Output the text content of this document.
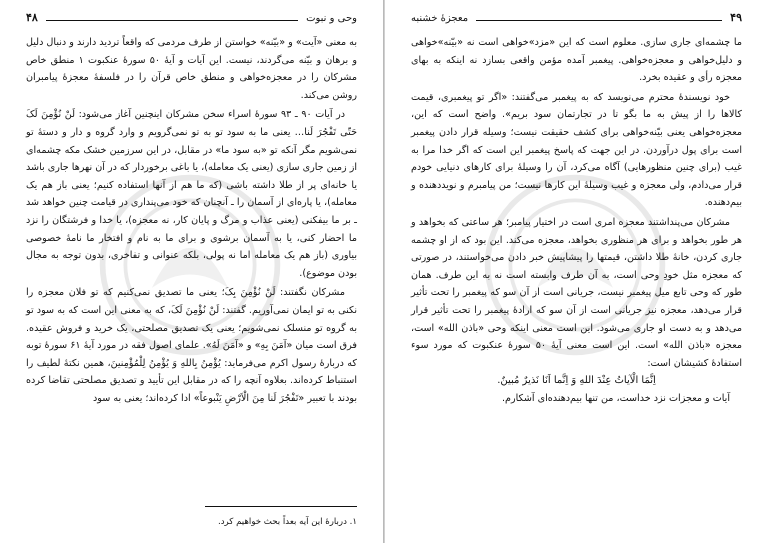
۴۸	وحی و نبوت

به معنی «آیت» و «بیّنه» خواستن از طرف مردمی که واقعاً تردید دارند و دنبال دلیل و برهان و بیّنه می‌گردند، نیست. این آیات و آیهٔ ۵۰ سورهٔ عنکبوت ۱ منطق خاص مشرکان را در معجزه‌خواهی و منطق خاص قرآن را در فلسفهٔ معجزهٔ پیامبران روشن می‌کند.

در آیات ۹۰ ـ ۹۳ سورهٔ اسراء سخن مشرکان اینچنین آغاز می‌شود: لَنْ نُؤْمِنَ لَکَ حَتّی تَفْجُرَ لَنا… یعنی ما به سود تو به تو نمی‌گرویم و وارد گروه و دار و دستهٔ تو نمی‌شویم مگر آنکه تو «به سود ما» در مقابل، در این سرزمین خشک مکه چشمه‌ای از زمین جاری سازی (یعنی یک معامله)، یا باغی برخوردار که در آن نهرها جاری باشد یا خانه‌ای پر از طلا داشته باشی (که ما هم از آنها استفاده کنیم؛ یعنی باز هم یک معامله)، یا پاره‌ای از آسمان را ـ آنچنان که خود می‌پنداری در قیامت چنین خواهد شد ـ بر ما بیفکنی (یعنی عذاب و مرگ و پایان کار، نه معجزه)، یا خدا و فرشتگان را نزد ما احضار کنی، یا به آسمان برشوی و برای ما به نام و افتخار ما نامهٔ خصوصی بیاوری (باز هم یک معامله اما نه پولی، بلکه عنوانی و تفاخری، بدون توجه به مجال بودن موضوع).

مشرکان نگفتند: لَنْ نُؤْمِنَ بِکَ؛ یعنی ما تصدیق نمی‌کنیم که تو فلان معجزه را نکنی به تو ایمان نمی‌آوریم. گفتند: لَنْ نُؤْمِنَ لَکَ، که به معنی این است که به سود تو به گروه تو منسلک نمی‌شویم؛ یعنی یک تصدیق مصلحتی، یک خرید و فروش عقیده. فرق است میان «آمَنَ بِهِ» و «آمَنَ لَهُ». علمای اصول فقه در مورد آیهٔ ۶۱ سورهٔ توبه که دربارهٔ رسول اکرم می‌فرماید: یُؤْمِنُ بِاللهِ وَ یُؤْمِنُ لِلْمُؤْمِنینَ، همین نکتهٔ لطیف را استنباط کرده‌اند. بعلاوه آنچه را که در مقابل این تأیید و تصدیق مصلحتی تقاضا کرده بودند با تعبیر «تَفْجُرَ لَنا مِنَ الْاَرْضِ یَنْبوعاً» ادا کرده‌اند؛ یعنی به سود

۱. دربارهٔ این آیه بعداً بحث خواهیم کرد.
معجزهٔ خشنبه	۴۹

ما چشمه‌ای جاری سازی. معلوم است که این «مزد»خواهی است نه «بیّنه»خواهی و دلیل‌خواهی و معجزه‌خواهی. پیغمبر آمده مؤمن واقعی بسازد نه اینکه به بهای معجزه رأی و عقیده بخرد.

خود نویسندهٔ محترم می‌نویسد که به پیغمبر می‌گفتند: «اگر تو پیغمبری، قیمت کالاها را از پیش به ما بگو تا در تجارتمان سود بریم». واضح است که این، معجزه‌خواهی یعنی بیّنه‌خواهی برای کشف حقیقت نیست؛ وسیله قرار دادن پیغمبر است برای پول درآوردن. در این جهت که پاسخ پیغمبر این است که اگر خدا مرا به غیب (برای چنین منظورهایی) آگاه می‌کرد، آن را وسیلهٔ برای کارهای دنیایی خودم قرار می‌دادم، ولی معجزه و غیب وسیلهٔ این کارها نیست؛ من پیامبرم و نویددهنده و بیم‌دهنده.

مشرکان می‌پنداشتند معجزه امری است در اختیار پیامبر؛ هر ساعتی که بخواهد و هر طور بخواهد و برای هر منظوری بخواهد، معجزه می‌کند. این بود که از او چشمه جاری کردن، خانهٔ طلا داشتن، قیمتها را پیشاپیش خبر دادن می‌خواستند، در صورتی که معجزه مثل خودِ وحی است، به آن طرف وابسته است نه به این طرف. همان طور که وحی تابع میل پیغمبر نیست، جریانی است از آن سو که پیغمبر را تحت تأثیر قرار می‌دهد، معجزه نیز جریانی است از آن سو که ارادهٔ پیغمبر را تحت تأثیر قرار می‌دهد و به دست او جاری می‌شود. این است معنی اینکه وحی «باذن الله» است، معجزه «باذن الله» است. این است معنی آیهٔ ۵۰ سورهٔ عنکبوت که مورد سوء استفادهٔ کشیشان است:

اِنَّمَا الْآیاتُ عِنْدَ اللهِ وَ اِنَّما اَنَا نَذیرٌ مُبینٌ.

آیات و معجزات نزد خداست، من تنها بیم‌دهنده‌ای آشکارم.
